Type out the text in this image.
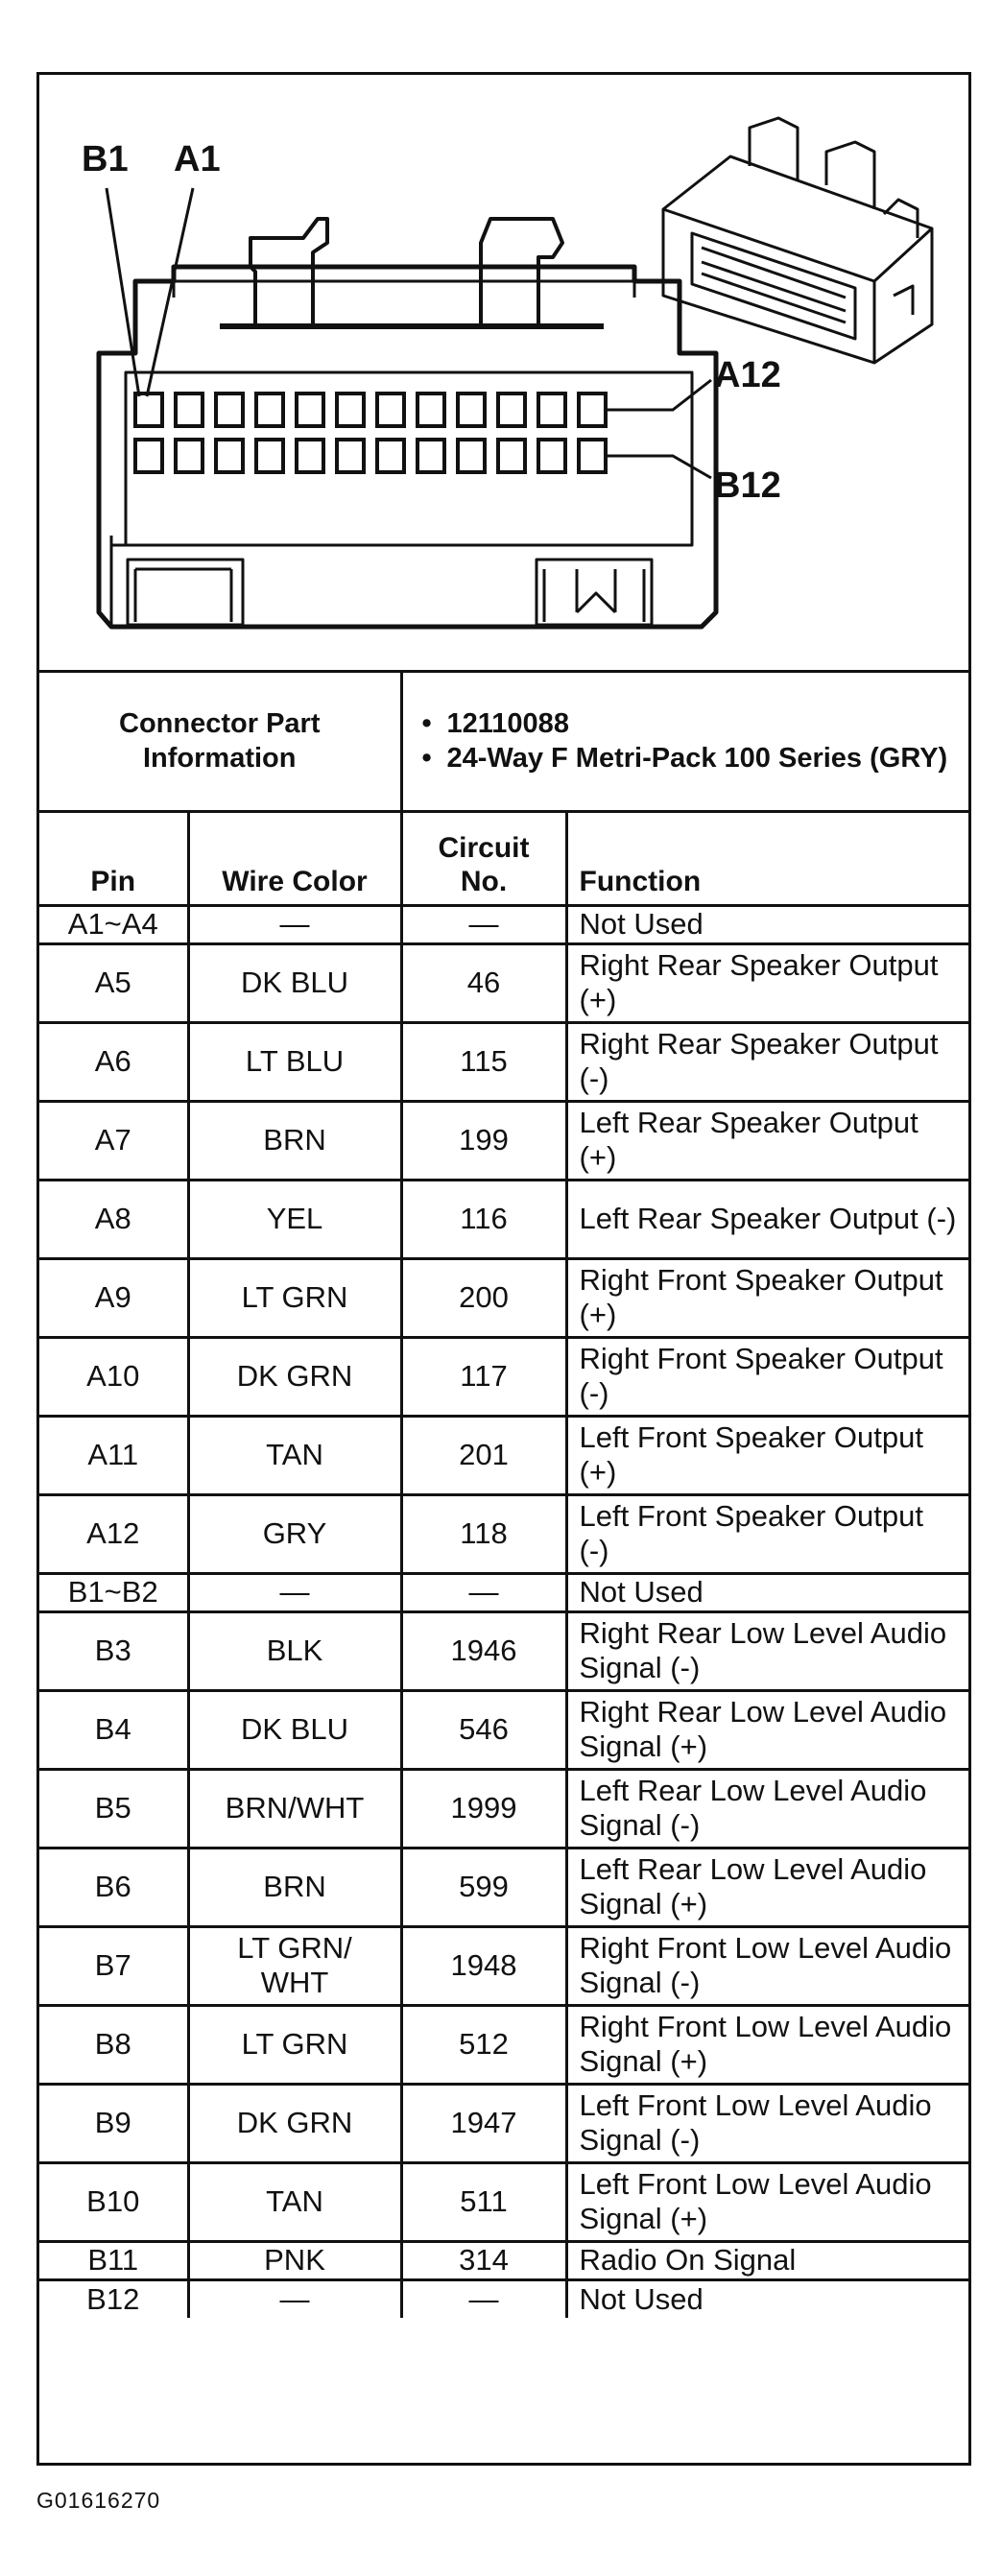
B1 A1
A12
B12
Connector Part Information		• 12110088
• 24-Way F Metri-Pack 100 Series (GRY)

Pin	Wire Color	Circuit No.	Function
A1~A4	—	—	Not Used
A5	DK BLU	46	Right Rear Speaker Output (+)
A6	LT BLU	115	Right Rear Speaker Output (-)
A7	BRN	199	Left Rear Speaker Output (+)
A8	YEL	116	Left Rear Speaker Output (-)
A9	LT GRN	200	Right Front Speaker Output (+)
A10	DK GRN	117	Right Front Speaker Output (-)
A11	TAN	201	Left Front Speaker Output (+)
A12	GRY	118	Left Front Speaker Output (-)
B1~B2	—	—	Not Used
B3	BLK	1946	Right Rear Low Level Audio Signal (-)
B4	DK BLU	546	Right Rear Low Level Audio Signal (+)
B5	BRN/WHT	1999	Left Rear Low Level Audio Signal (-)
B6	BRN	599	Left Rear Low Level Audio Signal (+)
B7	LT GRN/ WHT	1948	Right Front Low Level Audio Signal (-)
B8	LT GRN	512	Right Front Low Level Audio Signal (+)
B9	DK GRN	1947	Left Front Low Level Audio Signal (-)
B10	TAN	511	Left Front Low Level Audio Signal (+)
B11	PNK	314	Radio On Signal
B12	—	—	Not Used
G01616270
